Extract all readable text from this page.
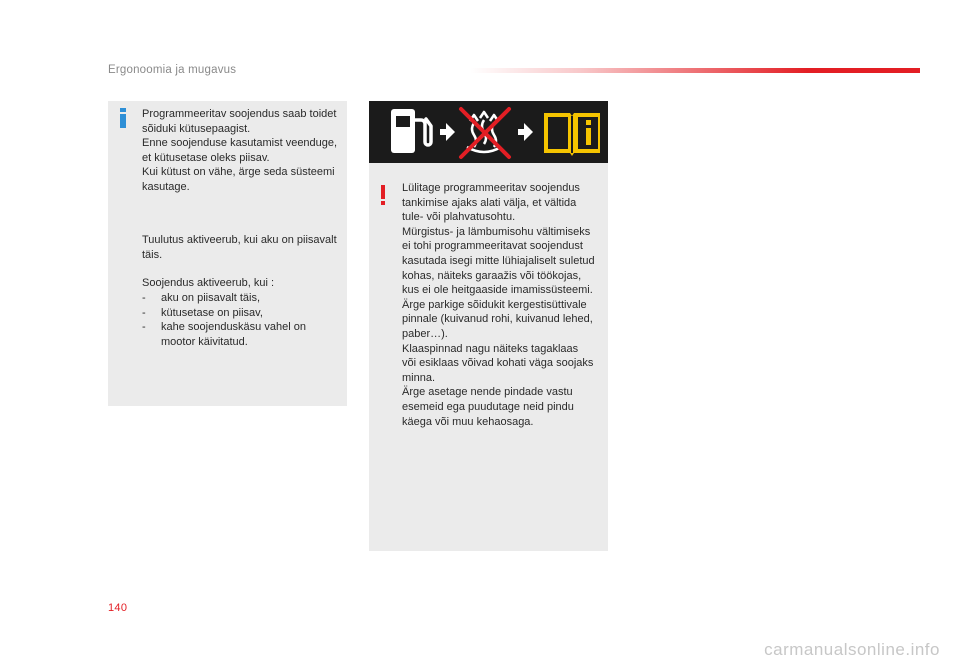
Ergonoomia ja mugavus
Programmeeritav soojendus saab toidet
sõiduki kütusepaagist.
Enne soojenduse kasutamist veenduge,
et kütusetase oleks piisav.
Kui kütust on vähe, ärge seda süsteemi
kasutage.
Tuulutus aktiveerub, kui aku on piisavalt
täis.
Soojendus aktiveerub, kui :
- aku on piisavalt täis,
- kütusetase on piisav,
- kahe soojenduskäsu vahel on
mootor käivitatud.
Lülitage programmeeritav soojendus
tankimise ajaks alati välja, et vältida
tule- või plahvatusohtu.
Mürgistus- ja lämbumisohu vältimiseks
ei tohi programmeeritavat soojendust
kasutada isegi mitte lühiajaliselt suletud
kohas, näiteks garaažis või töökojas,
kus ei ole heitgaaside imamissüsteemi.
Ärge parkige sõidukit kergestisüttivale
pinnale (kuivanud rohi, kuivanud lehed,
paber…).
Klaaspinnad nagu näiteks tagaklaas
või esiklaas võivad kohati väga soojaks
minna.
Ärge asetage nende pindade vastu
esemeid ega puudutage neid pindu
käega või muu kehaosaga.
140
carmanualsonline.info
